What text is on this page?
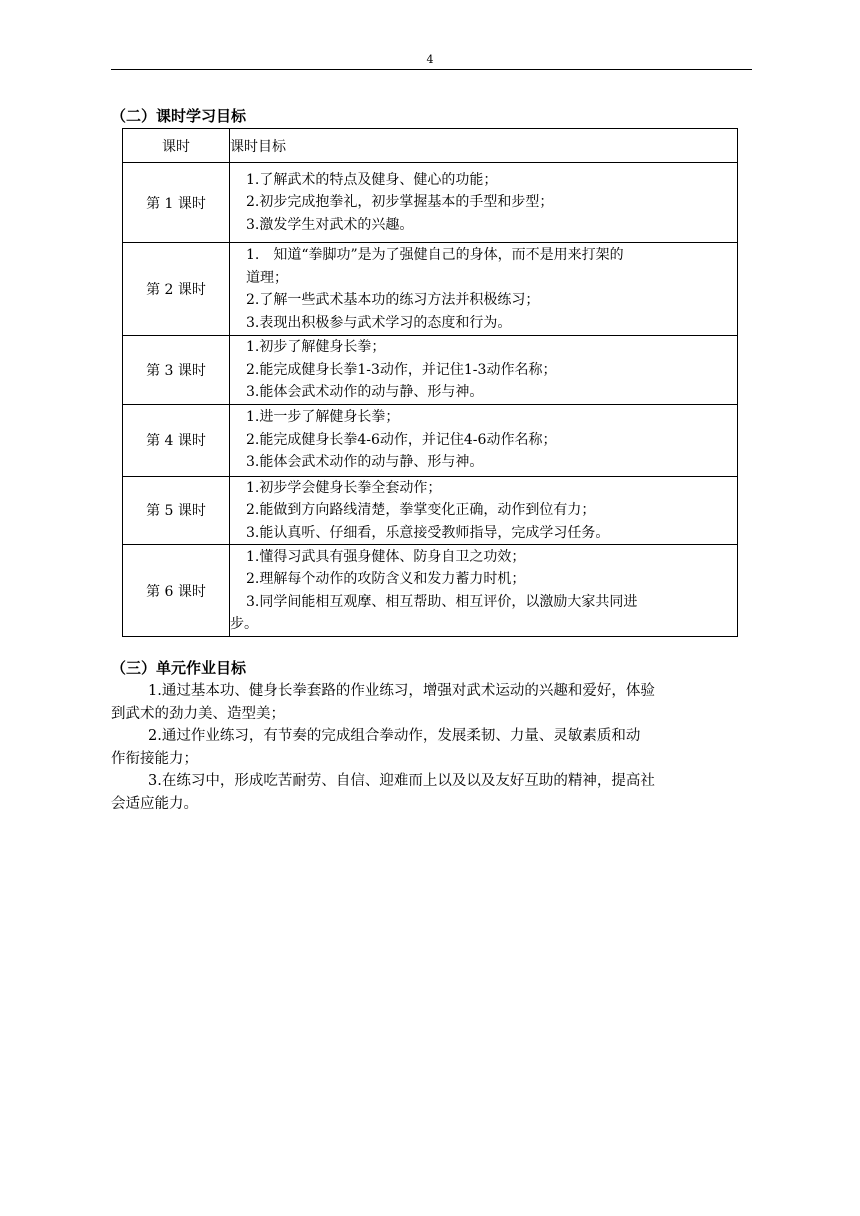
4
（二）课时学习目标
课时	课时目标
第 1 课时	1.了解武术的特点及健身、健心的功能；
2.初步完成抱拳礼，初步掌握基本的手型和步型；
3.激发学生对武术的兴趣。

第 2 课时	1.　知道“拳脚功”是为了强健自己的身体，而不是用来打架的
道理；
2.了解一些武术基本功的练习方法并积极练习；
3.表现出积极参与武术学习的态度和行为。

第 3 课时	1.初步了解健身长拳；
2.能完成健身长拳1-3动作，并记住1-3动作名称；
3.能体会武术动作的动与静、形与神。

第 4 课时	1.进一步了解健身长拳；
2.能完成健身长拳4-6动作，并记住4-6动作名称；
3.能体会武术动作的动与静、形与神。

第 5 课时	1.初步学会健身长拳全套动作；
2.能做到方向路线清楚，拳掌变化正确，动作到位有力；
3.能认真听、仔细看，乐意接受教师指导，完成学习任务。

第 6 课时	1.懂得习武具有强身健体、防身自卫之功效；
2.理解每个动作的攻防含义和发力蓄力时机；
3.同学间能相互观摩、相互帮助、相互评价，以激励大家共同进
步。
（三）单元作业目标
1.通过基本功、健身长拳套路的作业练习，增强对武术运动的兴趣和爱好，体验
到武术的劲力美、造型美；
2.通过作业练习，有节奏的完成组合拳动作，发展柔韧、力量、灵敏素质和动
作衔接能力；
3.在练习中，形成吃苦耐劳、自信、迎难而上以及以及友好互助的精神，提高社
会适应能力。
